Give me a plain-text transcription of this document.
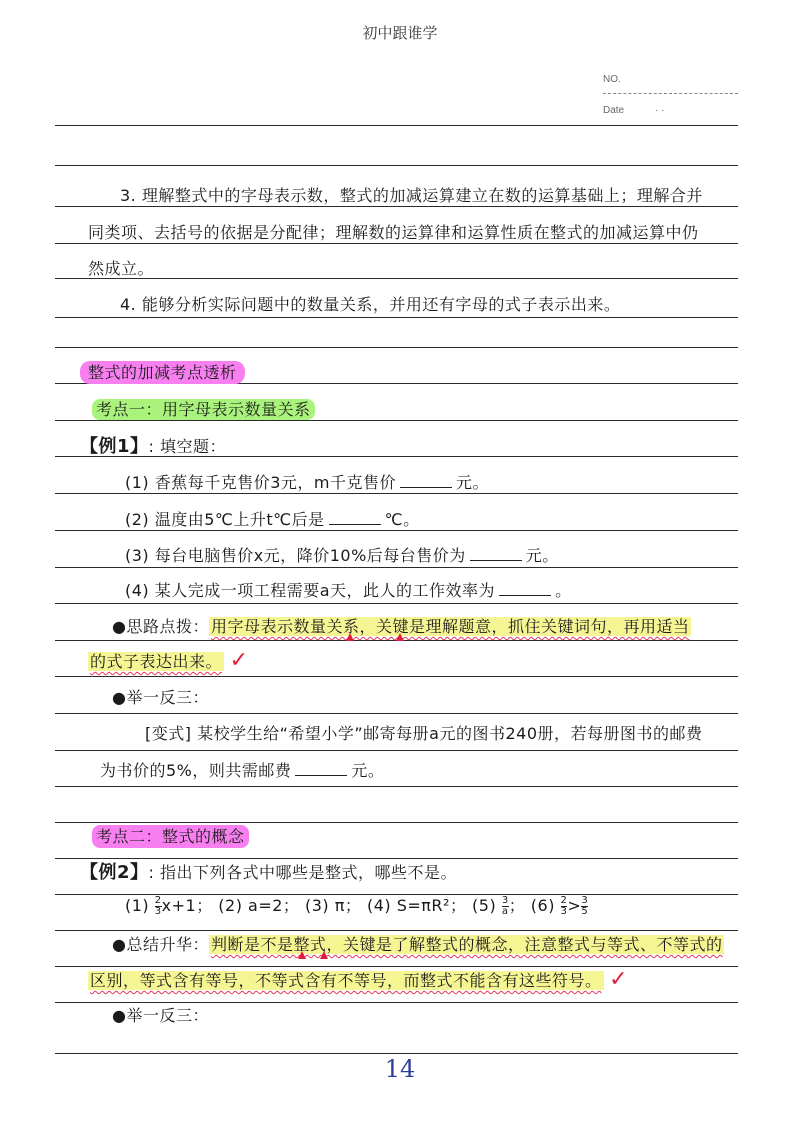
初中跟谁学
NO.
Date	· ·
3. 理解整式中的字母表示数，整式的加减运算建立在数的运算基础上；理解合并
同类项、去括号的依据是分配律；理解数的运算律和运算性质在整式的加减运算中仍
然成立。
4. 能够分析实际问题中的数量关系，并用还有字母的式子表示出来。
整式的加减考点透析
考点一：用字母表示数量关系
【例1】: 填空题：
(1) 香蕉每千克售价3元，m千克售价	元。
(2) 温度由5℃上升t℃后是	℃。
(3) 每台电脑售价x元，降价10%后每台售价为	元。
(4) 某人完成一项工程需要a天，此人的工作效率为	。
●思路点拨： 用字母表示数量关系，关键是理解题意，抓住关键词句，再用适当
的式子表达出来。 ✓
●举一反三：
[变式] 某校学生给“希望小学”邮寄每册a元的图书240册，若每册图书的邮费
为书价的5%，则共需邮费	元。
考点二：整式的概念
【例2】: 指出下列各式中哪些是整式，哪些不是。
$(1) \frac{2}{3} x+1$； (2) a=2； (3) π； (4) S=πR²； $(5) \frac{3}{a}$ ； $(6) \frac{2}{3} > \frac{3}{5}$
●总结升华： 判断是不是整式，关键是了解整式的概念，注意整式与等式、不等式的
区别，等式含有等号，不等式含有不等号，而整式不能含有这些符号。 ✓
●举一反三：
14
